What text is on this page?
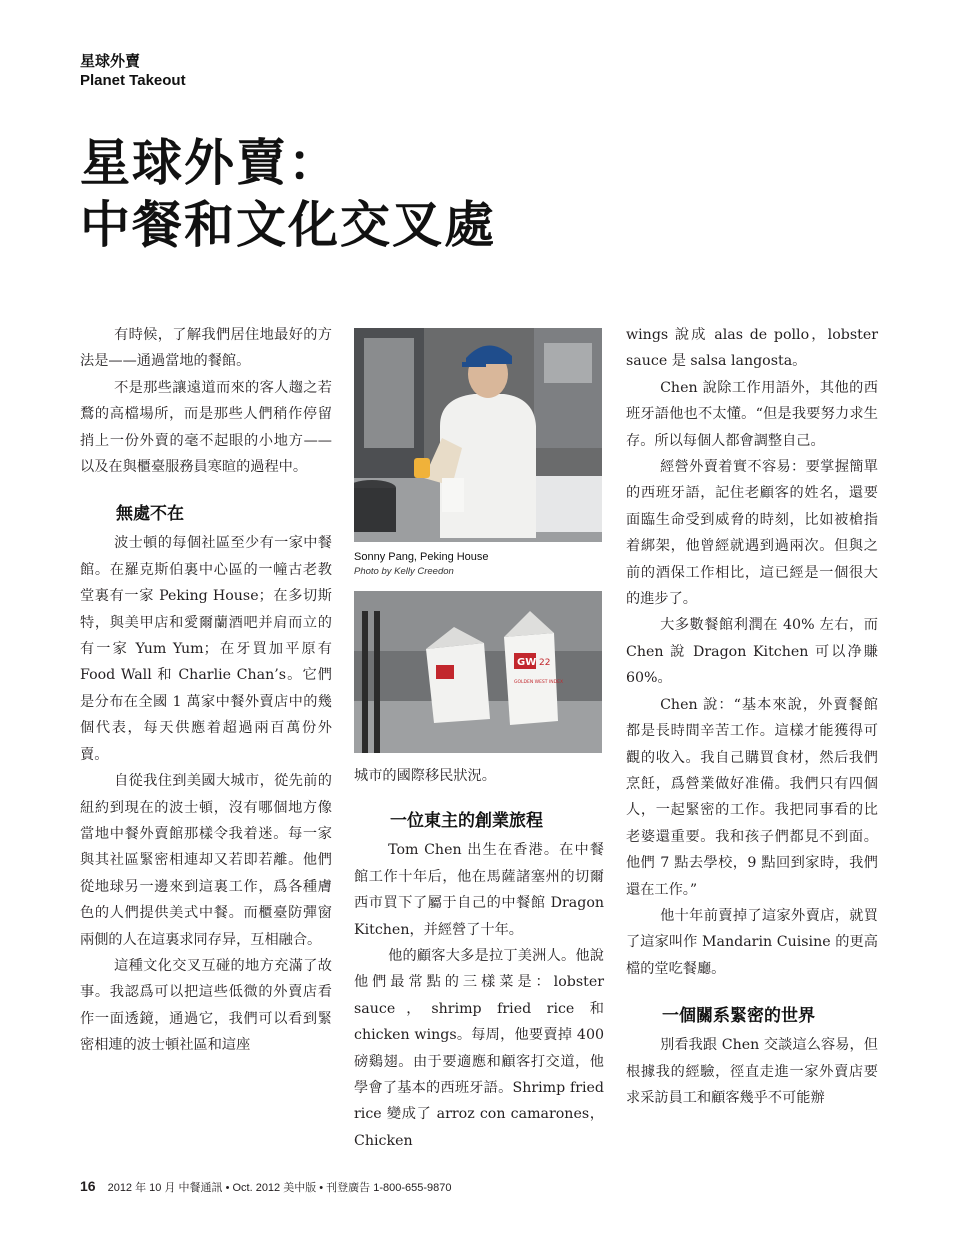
星球外賣
Planet Takeout
星球外賣：
中餐和文化交叉處

有時候，了解我們居住地最好的方法是——通過當地的餐館。

不是那些讓遠道而來的客人趨之若鶩的高檔場所，而是那些人們稍作停留捎上一份外賣的毫不起眼的小地方——以及在與櫃臺服務員寒暄的過程中。

無處不在

波士頓的每個社區至少有一家中餐館。在羅克斯伯裏中心區的一幢古老教堂裏有一家 Peking House；在多切斯特，與美甲店和愛爾蘭酒吧并肩而立的有一家 Yum Yum；在牙買加平原有 Food Wall 和 Charlie Chan’s。它們是分布在全國 1 萬家中餐外賣店中的幾個代表，每天供應着超過兩百萬份外賣。

自從我住到美國大城市，從先前的紐約到現在的波士頓，沒有哪個地方像當地中餐外賣館那樣令我着迷。每一家與其社區緊密相連却又若即若離。他們從地球另一邊來到這裏工作，爲各種膚色的人們提供美式中餐。而櫃臺防彈窗兩側的人在這裏求同存异，互相融合。

這種文化交叉互碰的地方充滿了故事。我認爲可以把這些低微的外賣店看作一面透鏡，通過它，我們可以看到緊密相連的波士頓社區和這座

Sonny Pang, Peking House
Photo by Kelly Creedon
GW 22
GOLDEN WEST INDEX

城市的國際移民狀況。

一位東主的創業旅程

Tom Chen 出生在香港。在中餐館工作十年后，他在馬薩諸塞州的切爾西市買下了屬于自己的中餐館 Dragon Kitchen，并經營了十年。

他的顧客大多是拉丁美洲人。他說他們最常點的三樣菜是：lobster sauce，shrimp fried rice 和 chicken wings。每周，他要賣掉 400 磅鷄翅。由于要適應和顧客打交道，他學會了基本的西班牙語。Shrimp fried rice 變成了 arroz con camarones，Chicken

wings 說成 alas de pollo，lobster sauce 是 salsa langosta。

Chen 說除工作用語外，其他的西班牙語他也不太懂。“但是我要努力求生存。所以每個人都會調整自己。

經營外賣着實不容易：要掌握簡單的西班牙語，記住老顧客的姓名，還要面臨生命受到威脅的時刻，比如被槍指着綁架，他曾經就遇到過兩次。但與之前的酒保工作相比，這已經是一個很大的進步了。

大多數餐館利潤在 40% 左右，而 Chen 說 Dragon Kitchen 可以净賺 60%。

Chen 說：“基本來說，外賣餐館都是長時間辛苦工作。這樣才能獲得可觀的收入。我自己購買食材，然后我們烹飪，爲營業做好准備。我們只有四個人，一起緊密的工作。我把同事看的比老婆還重要。我和孩子們都見不到面。他們 7 點去學校，9 點回到家時，我們還在工作。”

他十年前賣掉了這家外賣店，就買了這家叫作 Mandarin Cuisine 的更高檔的堂吃餐廳。

一個關系緊密的世界

別看我跟 Chen 交談這么容易，但根據我的經驗，徑直走進一家外賣店要求采訪員工和顧客幾乎不可能辦

16 2012 年 10 月 中餐通訊 • Oct. 2012 美中版 • 刊登廣告 1-800-655-9870
